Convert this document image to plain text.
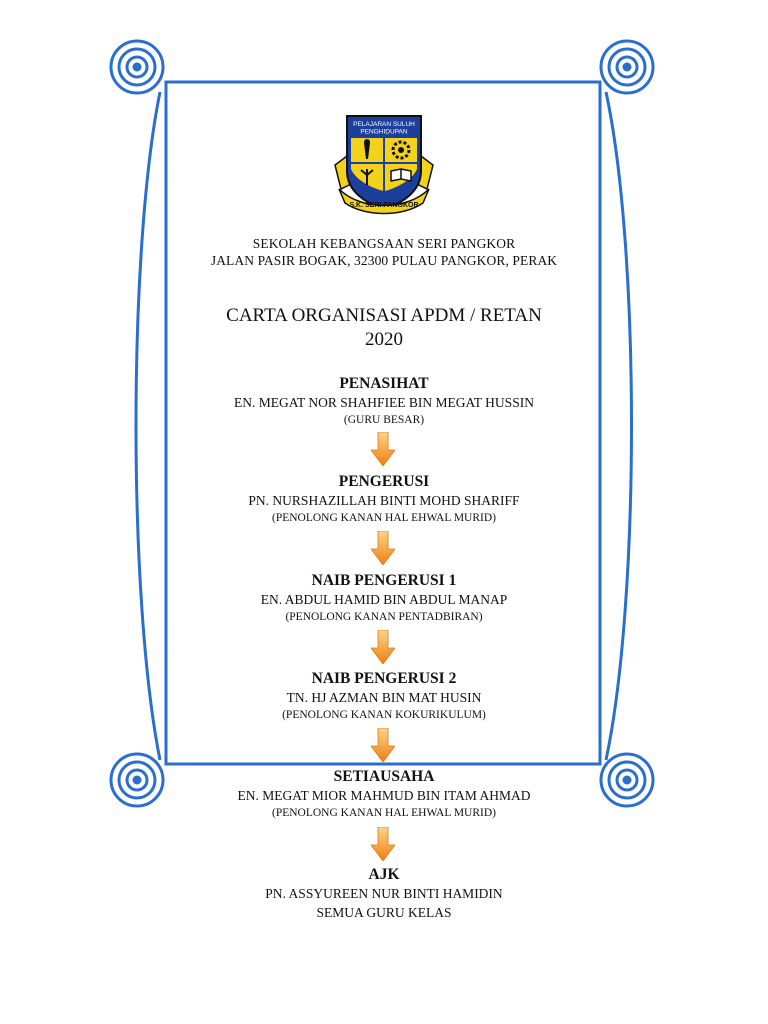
PELAJARAN SULUH
PENGHIDUPAN
S.K. SERI PANGKOR
SEKOLAH KEBANGSAAN SERI PANGKOR
JALAN PASIR BOGAK, 32300 PULAU PANGKOR, PERAK
CARTA ORGANISASI APDM / RETAN
2020
PENASIHAT
EN. MEGAT NOR SHAHFIEE BIN MEGAT HUSSIN
(GURU BESAR)
PENGERUSI
PN. NURSHAZILLAH BINTI MOHD SHARIFF
(PENOLONG KANAN HAL EHWAL MURID)
NAIB PENGERUSI 1
EN. ABDUL HAMID BIN ABDUL MANAP
(PENOLONG KANAN PENTADBIRAN)
NAIB PENGERUSI 2
TN. HJ AZMAN BIN MAT HUSIN
(PENOLONG KANAN KOKURIKULUM)
SETIAUSAHA
EN. MEGAT MIOR MAHMUD BIN ITAM AHMAD
(PENOLONG KANAN HAL EHWAL MURID)
AJK
PN. ASSYUREEN NUR BINTI HAMIDIN
SEMUA GURU KELAS
